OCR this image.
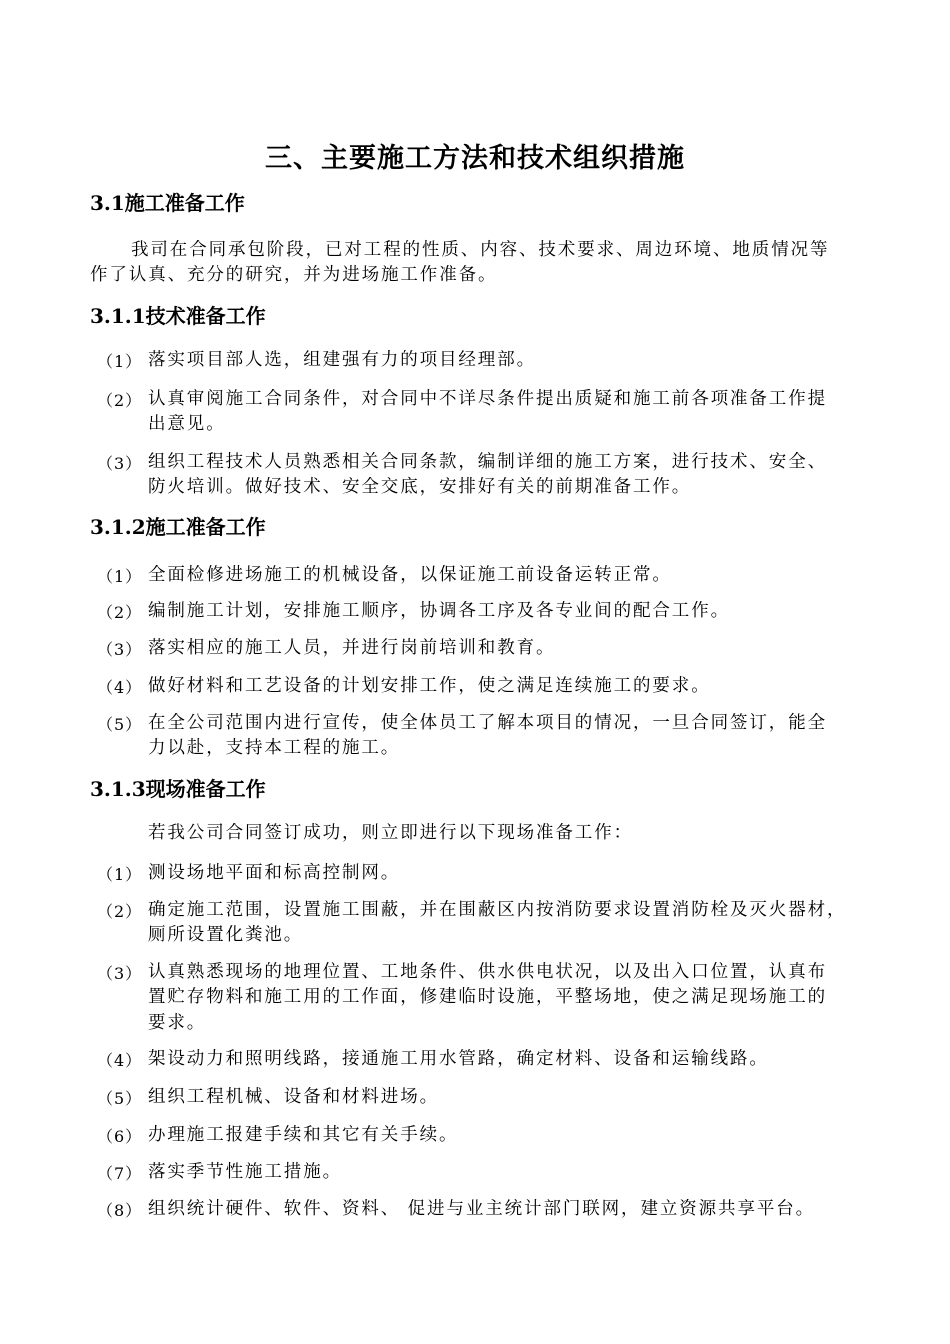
三、主要施工方法和技术组织措施
3.1施工准备工作
我司在合同承包阶段，已对工程的性质、内容、技术要求、周边环境、地质情况等
作了认真、充分的研究，并为进场施工作准备。
3.1.1技术准备工作
3.1.2施工准备工作
3.1.3现场准备工作
若我公司合同签订成功，则立即进行以下现场准备工作：
（1） 落实项目部人选，组建强有力的项目经理部。
（2） 认真审阅施工合同条件，对合同中不详尽条件提出质疑和施工前各项准备工作提
出意见。
（3） 组织工程技术人员熟悉相关合同条款，编制详细的施工方案，进行技术、安全、
防火培训。做好技术、安全交底，安排好有关的前期准备工作。
（1） 全面检修进场施工的机械设备，以保证施工前设备运转正常。
（2） 编制施工计划，安排施工顺序，协调各工序及各专业间的配合工作。
（3） 落实相应的施工人员，并进行岗前培训和教育。
（4） 做好材料和工艺设备的计划安排工作，使之满足连续施工的要求。
（5） 在全公司范围内进行宣传，使全体员工了解本项目的情况，一旦合同签订，能全
力以赴，支持本工程的施工。
（1） 测设场地平面和标高控制网。
（2） 确定施工范围，设置施工围蔽，并在围蔽区内按消防要求设置消防栓及灭火器材，
厕所设置化粪池。
（3） 认真熟悉现场的地理位置、工地条件、供水供电状况，以及出入口位置，认真布
置贮存物料和施工用的工作面，修建临时设施，平整场地，使之满足现场施工的
要求。
（4） 架设动力和照明线路，接通施工用水管路，确定材料、设备和运输线路。
（5） 组织工程机械、设备和材料进场。
（6） 办理施工报建手续和其它有关手续。
（7） 落实季节性施工措施。
（8） 组织统计硬件、软件、资料、 促进与业主统计部门联网，建立资源共享平台。
